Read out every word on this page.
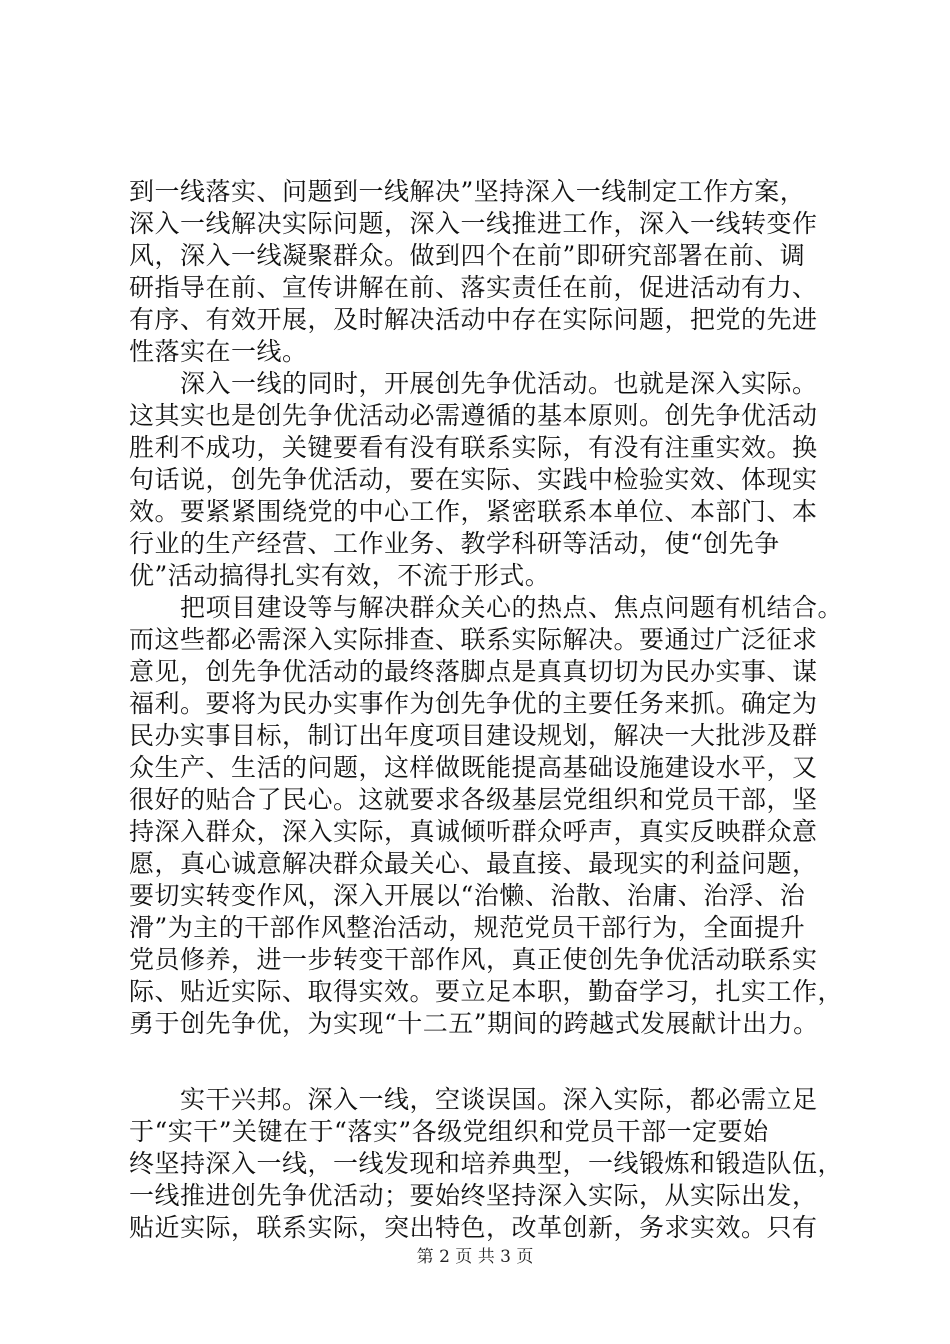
到一线落实、问题到一线解决”坚持深入一线制定工作方案，
深入一线解决实际问题，深入一线推进工作，深入一线转变作
风，深入一线凝聚群众。做到四个在前”即研究部署在前、调
研指导在前、宣传讲解在前、落实责任在前，促进活动有力、
有序、有效开展，及时解决活动中存在实际问题，把党的先进
性落实在一线。
　　深入一线的同时，开展创先争优活动。也就是深入实际。
这其实也是创先争优活动必需遵循的基本原则。创先争优活动
胜利不成功，关键要看有没有联系实际，有没有注重实效。换
句话说，创先争优活动，要在实际、实践中检验实效、体现实
效。要紧紧围绕党的中心工作，紧密联系本单位、本部门、本
行业的生产经营、工作业务、教学科研等活动，使“创先争
优”活动搞得扎实有效，不流于形式。
　　把项目建设等与解决群众关心的热点、焦点问题有机结合。
而这些都必需深入实际排查、联系实际解决。要通过广泛征求
意见，创先争优活动的最终落脚点是真真切切为民办实事、谋
福利。要将为民办实事作为创先争优的主要任务来抓。确定为
民办实事目标，制订出年度项目建设规划，解决一大批涉及群
众生产、生活的问题，这样做既能提高基础设施建设水平，又
很好的贴合了民心。这就要求各级基层党组织和党员干部，坚
持深入群众，深入实际，真诚倾听群众呼声，真实反映群众意
愿，真心诚意解决群众最关心、最直接、最现实的利益问题，
要切实转变作风，深入开展以“治懒、治散、治庸、治浮、治
滑”为主的干部作风整治活动，规范党员干部行为，全面提升
党员修养，进一步转变干部作风，真正使创先争优活动联系实
际、贴近实际、取得实效。要立足本职，勤奋学习，扎实工作，
勇于创先争优，为实现“十二五”期间的跨越式发展献计出力。
　　实干兴邦。深入一线，空谈误国。深入实际，都必需立足
于“实干”关键在于“落实”各级党组织和党员干部一定要始
终坚持深入一线，一线发现和培养典型，一线锻炼和锻造队伍，
一线推进创先争优活动；要始终坚持深入实际，从实际出发，
贴近实际，联系实际，突出特色，改革创新，务求实效。只有
第 2 页 共 3 页
